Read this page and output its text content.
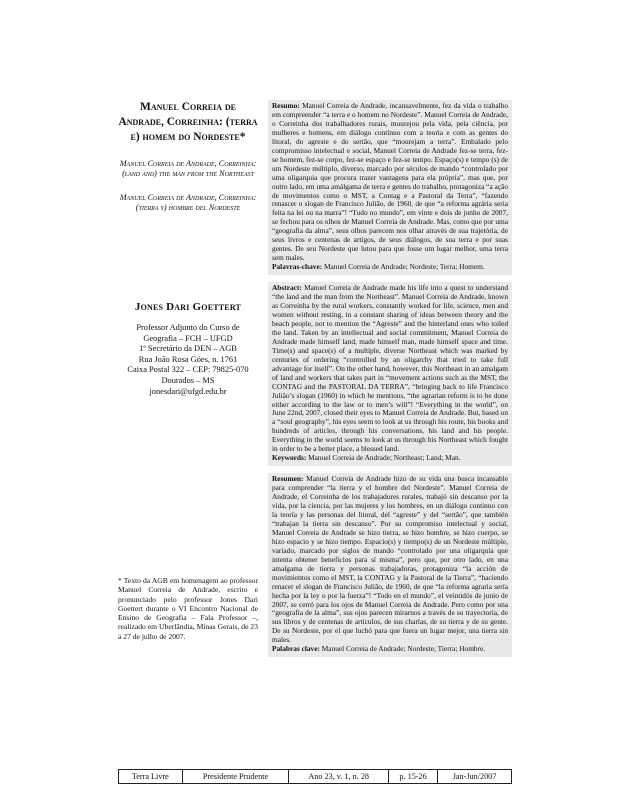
Manuel Correia de Andrade, Correinha: (terra e) homem do Nordeste*

Manuel Correia de Andrade, Correinha: (land and) the man from the Northeast

Manuel Correia de Andrade, Correinha: (tierra y) hombre del Nordeste

Jones Dari Goettert

Professor Adjunto do Curso de
Geografia – FCH – UFGD
1º Secretário da DEN – AGB
Rua João Rosa Góes, n. 1761
Caixa Postal 322 – CEP: 79825-070
Dourados – MS
jonesdari@ufgd.edu.br

* Texto da AGB em homenagem ao professor Manuel Correia de Andrade, escrito e pronunciado pelo professor Jones Dari Goettert durante o VI Encontro Nacional de Ensino de Geografia – Fala Professor –, realizado em Uberlândia, Minas Gerais, de 23 a 27 de julho de 2007.

Resumo: Manuel Correia de Andrade, incansavelmente, fez da vida o trabalho em compreender “a terra e o homem no Nordeste”. Manuel Correia de Andrade, o Correinha dos trabalhadores rurais, mourejou pela vida, pela ciência, por mulheres e homens, em diálogo contínuo com a teoria e com as gentes do litoral, do agreste e do sertão, que “mourejam a terra”. Embalado pelo compromisso intelectual e social, Manuel Correia de Andrade fez-se terra, fez-se homem, fez-se corpo, fez-se espaço e fez-se tempo. Espaço(s) e tempo (s) de um Nordeste múltiplo, diverso, marcado por séculos de mando “controlado por uma oligarquia que procura trazer vantagens para ela própria”, mas que, por outro lado, em uma amálgama de terra e gentes do trabalho, protagoniza “a ação de movimentos como o MST, a Contag e a Pastoral da Terra”, “fazendo renascer o slogan de Francisco Julião, de 1960, de que “a reforma agrária seria feita na lei ou na marra”! “Tudo no mundo”, em vinte e dois de junho de 2007, se fechou para os olhos de Manuel Correia de Andrade. Mas, como que por uma “geografia da alma”, seus olhos parecem nos olhar através de sua trajetória, de seus livros e centenas de artigos, de seus diálogos, de sua terra e por suas gentes. De seu Nordeste que lutou para que fosse um lugar melhor, uma terra sem males.

Palavras-chave: Manuel Correia de Andrade; Nordeste; Terra; Homem.

Abstract: Manuel Correia de Andrade made his life into a quest to understand “the land and the man from the Northeast”. Manuel Correia de Andrade, known as Correinha by the rural workers, constantly worked for life, science, men and women without resting, in a constant sharing of ideas between theory and the beach people, not to mention the “Agreste” and the hinterland ones who toiled the land. Taken by an intellectual and social commitment, Manuel Correia de Andrade made himself land, made himself man, made himself space and time. Time(s) and space(s) of a multiple, diverse Northeast which was marked by centuries of ordering “controlled by an oligarchy that tried to take full advantage for itself”. On the other hand, however, this Northeast in an amalgam of land and workers that takes part in “movement actions such as the MST, the CONTAG and the PASTORAL DA TERRA”, “bringing back to life Francisco Julião’s slogan (1960) in which he mentions, “the agrarian reform is to be done either according to the law or to men’s will”! “Everything in the world”, on June 22nd, 2007, closed their eyes to Manuel Correia de Andrade. But, based on a “soul geography”, his eyes seem to look at us through his route, his books and hundreds of articles, through his conversations, his land and his people. Everything in the world seems to look at us through his Northeast which fought in order to be a better place, a blessed land.

Keywords: Manuel Correia de Andrade; Northeast; Land; Man.

Resumen: Manuel Correia de Andrade hizo de su vida una busca incansable para comprender “la tierra y el hombre del Nordeste”. Manuel Correia de Andrade, el Correinha de los trabajadores rurales, trabajó sin descanso por la vida, por la ciencia, por las mujeres y los hombres, en un diálogo continuo con la teoría y las personas del litoral, del “agreste” y del “sertão”, que también “trabajan la tierra sin descanso”. Por su compromiso intelectual y social, Manuel Correia de Andrade se hizo tierra, se hizo hombre, se hizo cuerpo, se hizo espacio y se hizo tiempo. Espacio(s) y tiempo(s) de un Nordeste múltiple, variado, marcado por siglos de mando “controlado por una oligarquía que intenta obtener beneficios para sí misma”, pero que, por otro lado, en una amalgama de tierra y personas trabajadoras, protagoniza “la acción de movimientos como el MST, la CONTAG y la Pastoral de la Tierra”, “haciendo renacer el slogan de Francisco Julião, de 1960, de que “la reforma agraria sería hecha por la ley o por la fuerza”! “Todo en el mundo”, el veintidós de junio de 2007, se cerró para los ojos de Manuel Correia de Andrade. Pero como por una “geografía de la alma”, sus ojos parecen mirarnos a través de su trayectoria, de sus libros y de centenas de artículos, de sus charlas, de su tierra y de su gente. De su Nordeste, por el que luchó para que fuera un lugar mejor, una tierra sin males.

Palabras clave: Manuel Correia de Andrade; Nordeste; Tierra; Hombre.

Terra Livre	Presidente Prudente	Ano 23, v. 1, n. 28	p. 15-26	Jan-Jun/2007
